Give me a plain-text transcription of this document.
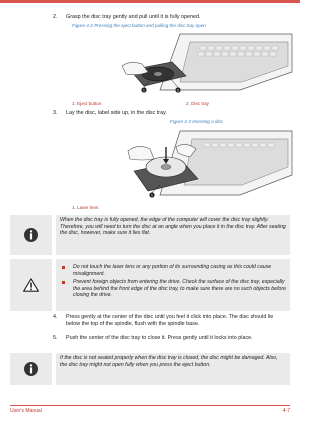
2. Grasp the disc tray gently and pull until it is fully opened.
Figure 4-2 Pressing the eject button and pulling the disc tray open
1	2
1. Eject button	2. Disc tray
3. Lay the disc, label side up, in the disc tray.
Figure 4-3 Inserting a disc
1
1. Laser lens
When the disc tray is fully opened, the edge of the computer will cover the disc tray slightly. Therefore, you will need to turn the disc at an angle when you place it in the disc tray. After seating the disc, however, make sure it lies flat.
Do not touch the laser lens or any portion of its surrounding casing as this could cause misalignment.
Prevent foreign objects from entering the drive. Check the surface of the disc tray, especially the area behind the front edge of the disc tray, to make sure there are no such objects before closing the drive.
4. Press gently at the center of the disc until you feel it click into place. The disc should lie below the top of the spindle, flush with the spindle base.
5. Push the center of the disc tray to close it. Press gently until it locks into place.
If the disc is not seated properly when the disc tray is closed, the disc might be damaged. Also, the disc tray might not open fully when you press the eject button.
User's Manual	4-7
